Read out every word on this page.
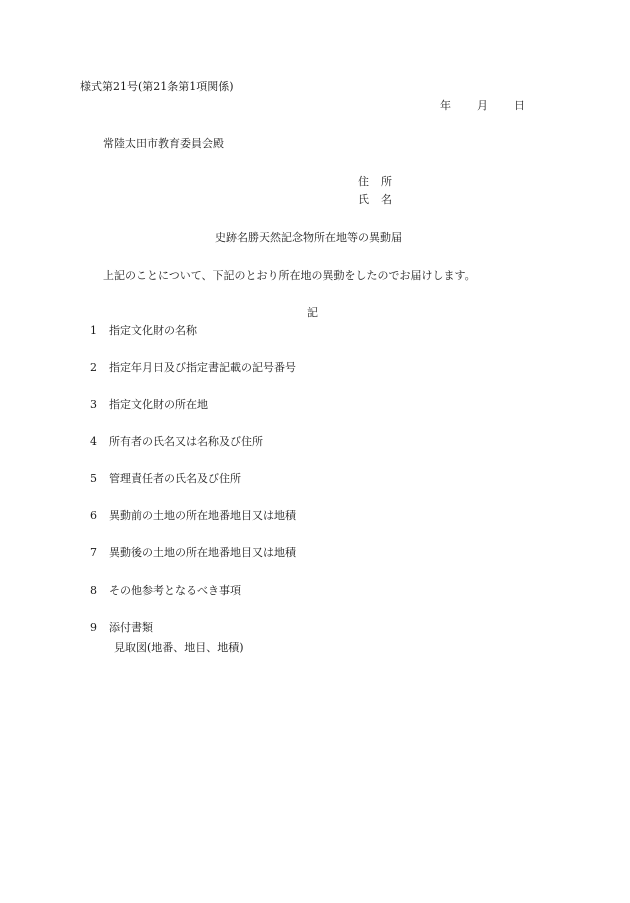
様式第21号(第21条第1項関係)
年 月 日
常陸太田市教育委員会殿
住 所
氏 名
史跡名勝天然記念物所在地等の異動届
上記のことについて、下記のとおり所在地の異動をしたのでお届けします。
記
1 指定文化財の名称
2 指定年月日及び指定書記載の記号番号
3 指定文化財の所在地
4 所有者の氏名又は名称及び住所
5 管理責任者の氏名及び住所
6 異動前の土地の所在地番地目又は地積
7 異動後の土地の所在地番地目又は地積
8 その他参考となるべき事項
9 添付書類
見取図(地番、地目、地積)
